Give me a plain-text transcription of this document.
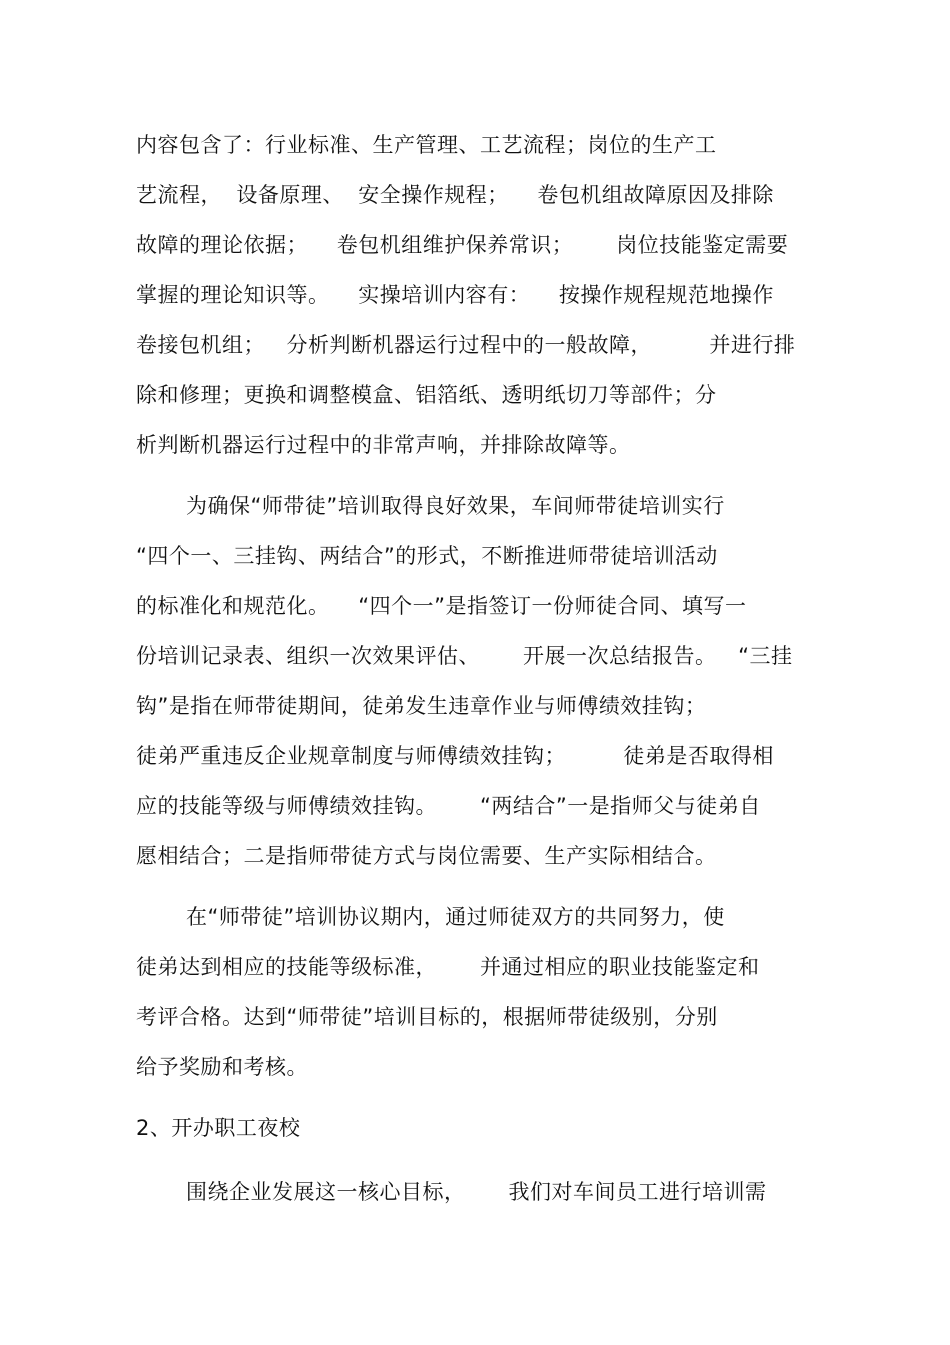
内容包含了：行业标准、生产管理、工艺流程；岗位的生产工
艺流程，  设备原理、  安全操作规程；    卷包机组故障原因及排除
故障的理论依据；    卷包机组维护保养常识；      岗位技能鉴定需要
掌握的理论知识等。    实操培训内容有：    按操作规程规范地操作
卷接包机组；   分析判断机器运行过程中的一般故障，        并进行排
除和修理；更换和调整模盒、铝箔纸、透明纸切刀等部件；分
析判断机器运行过程中的非常声响，并排除故障等。
为确保“师带徒”培训取得良好效果，车间师带徒培训实行
“四个一、三挂钩、两结合”的形式，不断推进师带徒培训活动
的标准化和规范化。    “四个一”是指签订一份师徒合同、填写一
份培训记录表、组织一次效果评估、      开展一次总结报告。   “三挂
钩”是指在师带徒期间，徒弟发生违章作业与师傅绩效挂钩；
徒弟严重违反企业规章制度与师傅绩效挂钩；        徒弟是否取得相
应的技能等级与师傅绩效挂钩。      “两结合”一是指师父与徒弟自
愿相结合；二是指师带徒方式与岗位需要、生产实际相结合。
在“师带徒”培训协议期内，通过师徒双方的共同努力，使
徒弟达到相应的技能等级标准，      并通过相应的职业技能鉴定和
考评合格。达到“师带徒”培训目标的，根据师带徒级别，分别
给予奖励和考核。
2、开办职工夜校
围绕企业发展这一核心目标，      我们对车间员工进行培训需
